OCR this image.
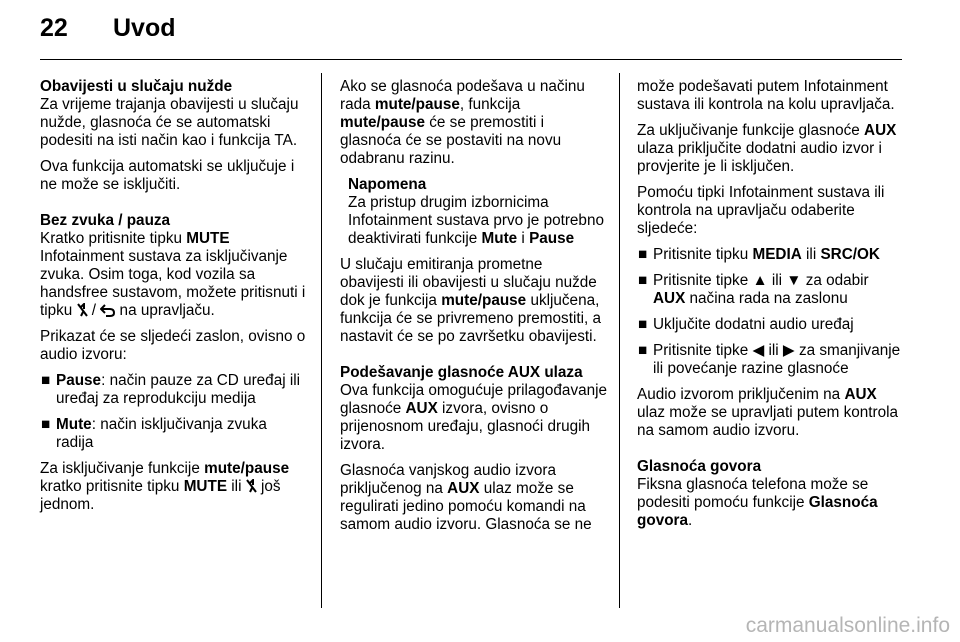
22 Uvod

Obavijesti u slučaju nužde

Za vrijeme trajanja obavijesti u slučaju nužde, glasnoća će se automatski podesiti na isti način kao i funkcija TA.

Ova funkcija automatski se uključuje i ne može se isključiti.

Bez zvuka / pauza

Kratko pritisnite tipku MUTE Infotainment sustava za isključivanje zvuka. Osim toga, kod vozila sa handsfree sustavom, možete pritisnuti i tipku  /  na upravljaču.

Prikazat će se sljedeći zaslon, ovisno o audio izvoru:

■ Pause: način pauze za CD uređaj ili uređaj za reprodukciju medija
■ Mute: način isključivanja zvuka radija

Za isključivanje funkcije mute/pause kratko pritisnite tipku MUTE ili  još jednom.

Ako se glasnoća podešava u načinu rada mute/pause, funkcija mute/pause će se premostiti i glasnoća će se postaviti na novu odabranu razinu.

Napomena
Za pristup drugim izbornicima Infotainment sustava prvo je potrebno deaktivirati funkcije Mute i Pause

U slučaju emitiranja prometne obavijesti ili obavijesti u slučaju nužde dok je funkcija mute/pause uključena, funkcija će se privremeno premostiti, a nastavit će se po završetku obavijesti.

Podešavanje glasnoće AUX ulaza

Ova funkcija omogućuje prilagođavanje glasnoće AUX izvora, ovisno o prijenosnom uređaju, glasnoći drugih izvora.

Glasnoća vanjskog audio izvora priključenog na AUX ulaz može se regulirati jedino pomoću komandi na samom audio izvoru. Glasnoća se ne

može podešavati putem Infotainment sustava ili kontrola na kolu upravljača.

Za uključivanje funkcije glasnoće AUX ulaza priključite dodatni audio izvor i provjerite je li isključen.

Pomoću tipki Infotainment sustava ili kontrola na upravljaču odaberite sljedeće:

■ Pritisnite tipku MEDIA ili SRC/OK
■ Pritisnite tipke ▲ ili ▼ za odabir AUX načina rada na zaslonu
■ Uključite dodatni audio uređaj
■ Pritisnite tipke ◀ ili ▶ za smanjivanje ili povećanje razine glasnoće

Audio izvorom priključenim na AUX ulaz može se upravljati putem kontrola na samom audio izvoru.

Glasnoća govora

Fiksna glasnoća telefona može se podesiti pomoću funkcije Glasnoća govora.

carmanualsonline.info
